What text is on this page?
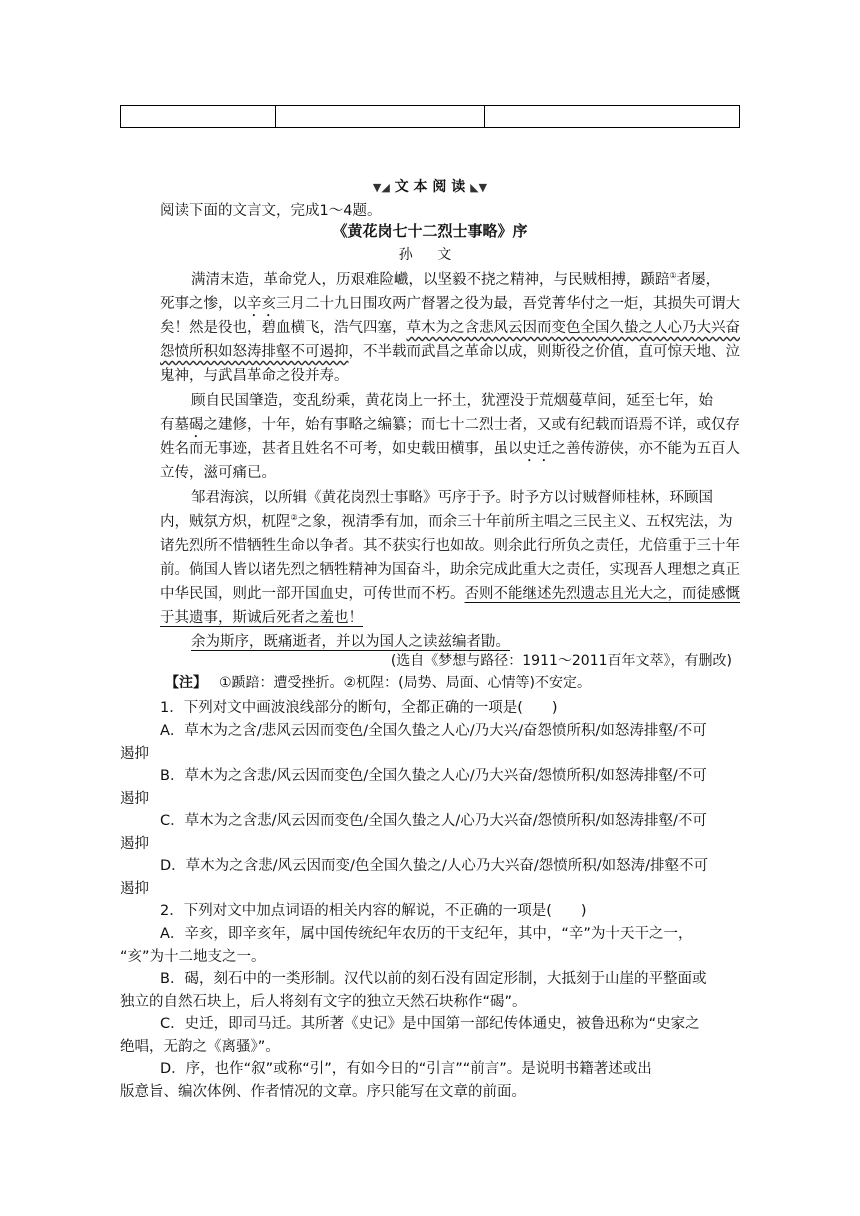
▼◢ 文 本 阅 读 ◣▼
阅读下面的文言文，完成1～4题。
《黄花岗七十二烈士事略》序
孙 文
满清末造，革命党人，历艰难险巇，以坚毅不挠之精神，与民贼相搏，踬踣①者屡，
死事之惨，以辛亥三月二十九日围攻两广督署之役为最，吾党菁华付之一炬，其损失可谓大
矣！然是役也，碧血横飞，浩气四塞，草木为之含悲风云因而变色全国久蛰之人心乃大兴奋
怨愤所积如怒涛排壑不可遏抑，不半载而武昌之革命以成，则斯役之价值，直可惊天地、泣
鬼神，与武昌革命之役并寿。
顾自民国肇造，变乱纷乘，黄花岗上一抔土，犹湮没于荒烟蔓草间，延至七年，始
有墓碣之建修，十年，始有事略之编纂；而七十二烈士者，又或有纪载而语焉不详，或仅存
姓名而无事迹，甚者且姓名不可考，如史载田横事，虽以史迁之善传游侠，亦不能为五百人
立传，滋可痛已。
邹君海滨，以所辑《黄花岗烈士事略》丐序于予。时予方以讨贼督师桂林，环顾国
内，贼氛方炽，杌陧②之象，视清季有加，而余三十年前所主唱之三民主义、五权宪法，为
诸先烈所不惜牺牲生命以争者。其不获实行也如故。则余此行所负之责任，尤倍重于三十年
前。倘国人皆以诸先烈之牺牲精神为国奋斗，助余完成此重大之责任，实现吾人理想之真正
中华民国，则此一部开国血史，可传世而不朽。否则不能继述先烈遗志且光大之，而徒感慨
于其遗事，斯诚后死者之羞也！
余为斯序，既痛逝者，并以为国人之读兹编者勖。
(选自《梦想与路径：1911～2011百年文萃》，有删改)
【注】 ①踬踣：遭受挫折。②杌陧：(局势、局面、心情等)不安定。
1．下列对文中画波浪线部分的断句，全都正确的一项是(　　)
A．草木为之含/悲风云因而变色/全国久蛰之人心/乃大兴/奋怨愤所积/如怒涛排壑/不可
遏抑
B．草木为之含悲/风云因而变色/全国久蛰之人心/乃大兴奋/怨愤所积/如怒涛排壑/不可
遏抑
C．草木为之含悲/风云因而变色/全国久蛰之人/心乃大兴奋/怨愤所积/如怒涛排壑/不可
遏抑
D．草木为之含悲/风云因而变/色全国久蛰之/人心乃大兴奋/怨愤所积/如怒涛/排壑不可
遏抑
2．下列对文中加点词语的相关内容的解说，不正确的一项是(　　)
A．辛亥，即辛亥年，属中国传统纪年农历的干支纪年，其中，“辛”为十天干之一，
“亥”为十二地支之一。
B．碣，刻石中的一类形制。汉代以前的刻石没有固定形制，大抵刻于山崖的平整面或
独立的自然石块上，后人将刻有文字的独立天然石块称作“碣”。
C．史迁，即司马迁。其所著《史记》是中国第一部纪传体通史，被鲁迅称为“史家之
绝唱，无韵之《离骚》”。
D．序，也作“叙”或称“引”，有如今日的“引言”“前言”。是说明书籍著述或出
版意旨、编次体例、作者情况的文章。序只能写在文章的前面。
